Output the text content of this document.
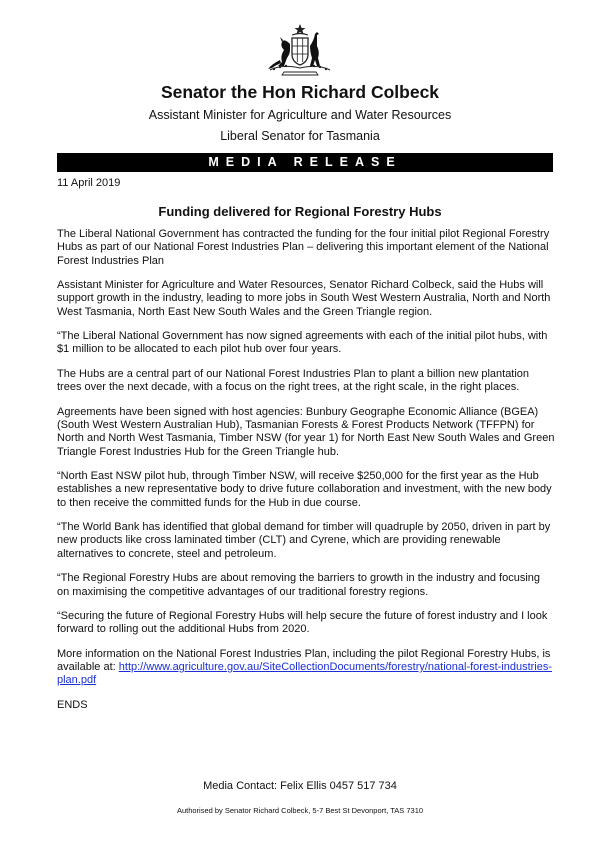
Senator the Hon Richard Colbeck
Assistant Minister for Agriculture and Water Resources
Liberal Senator for Tasmania
MEDIA RELEASE
11 April 2019
Funding delivered for Regional Forestry Hubs

The Liberal National Government has contracted the funding for the four initial pilot Regional Forestry Hubs as part of our National Forest Industries Plan – delivering this important element of the National Forest Industries Plan

Assistant Minister for Agriculture and Water Resources, Senator Richard Colbeck, said the Hubs will support growth in the industry, leading to more jobs in South West Western Australia, North and North West Tasmania, North East New South Wales and the Green Triangle region.

“The Liberal National Government has now signed agreements with each of the initial pilot hubs, with $1 million to be allocated to each pilot hub over four years.

The Hubs are a central part of our National Forest Industries Plan to plant a billion new plantation trees over the next decade, with a focus on the right trees, at the right scale, in the right places.

Agreements have been signed with host agencies: Bunbury Geographe Economic Alliance (BGEA) (South West Western Australian Hub), Tasmanian Forests & Forest Products Network (TFFPN) for North and North West Tasmania, Timber NSW (for year 1) for North East New South Wales and Green Triangle Forest Industries Hub for the Green Triangle hub.

“North East NSW pilot hub, through Timber NSW, will receive $250,000 for the first year as the Hub establishes a new representative body to drive future collaboration and investment, with the new body to then receive the committed funds for the Hub in due course.

“The World Bank has identified that global demand for timber will quadruple by 2050, driven in part by new products like cross laminated timber (CLT) and Cyrene, which are providing renewable alternatives to concrete, steel and petroleum.

“The Regional Forestry Hubs are about removing the barriers to growth in the industry and focusing on maximising the competitive advantages of our traditional forestry regions.

“Securing the future of Regional Forestry Hubs will help secure the future of forest industry and I look forward to rolling out the additional Hubs from 2020.

More information on the National Forest Industries Plan, including the pilot Regional Forestry Hubs, is available at: http://www.agriculture.gov.au/SiteCollectionDocuments/forestry/national-forest-industries-plan.pdf

ENDS
Media Contact: Felix Ellis 0457 517 734
Authorised by Senator Richard Colbeck, 5-7 Best St Devonport, TAS 7310
